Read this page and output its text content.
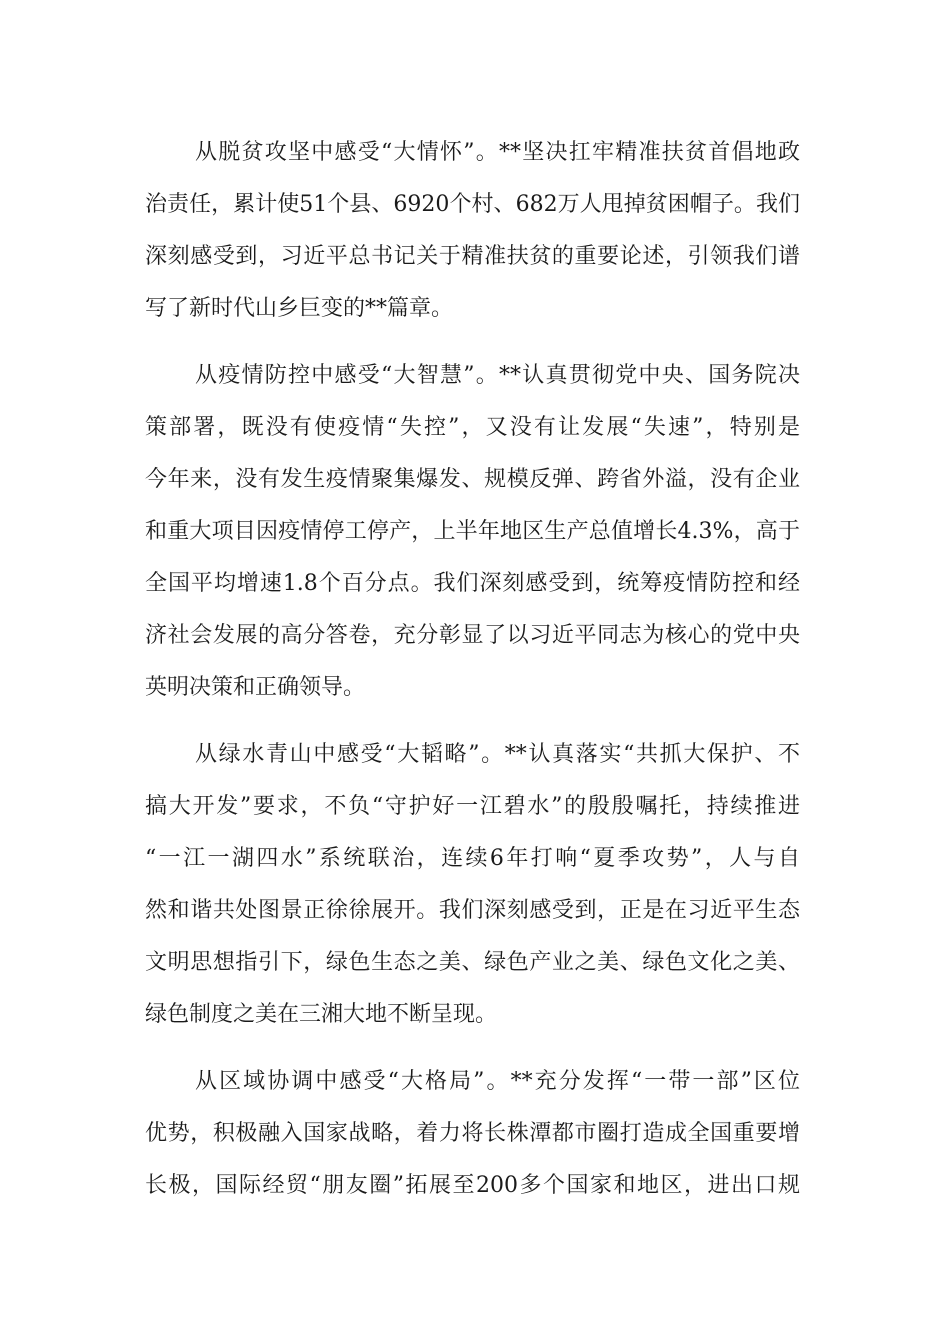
从脱贫攻坚中感受“大情怀”。**坚决扛牢精准扶贫首倡地政
治责任，累计使51个县、6920个村、682万人甩掉贫困帽子。我们
深刻感受到，习近平总书记关于精准扶贫的重要论述，引领我们谱
写了新时代山乡巨变的**篇章。
从疫情防控中感受“大智慧”。**认真贯彻党中央、国务院决
策部署，既没有使疫情“失控”，又没有让发展“失速”，特别是
今年来，没有发生疫情聚集爆发、规模反弹、跨省外溢，没有企业
和重大项目因疫情停工停产，上半年地区生产总值增长4.3%，高于
全国平均增速1.8个百分点。我们深刻感受到，统筹疫情防控和经
济社会发展的高分答卷，充分彰显了以习近平同志为核心的党中央
英明决策和正确领导。
从绿水青山中感受“大韬略”。**认真落实“共抓大保护、不
搞大开发”要求，不负“守护好一江碧水”的殷殷嘱托，持续推进
“一江一湖四水”系统联治，连续6年打响“夏季攻势”，人与自
然和谐共处图景正徐徐展开。我们深刻感受到，正是在习近平生态
文明思想指引下，绿色生态之美、绿色产业之美、绿色文化之美、
绿色制度之美在三湘大地不断呈现。
从区域协调中感受“大格局”。**充分发挥“一带一部”区位
优势，积极融入国家战略，着力将长株潭都市圈打造成全国重要增
长极，国际经贸“朋友圈”拓展至200多个国家和地区，进出口规
